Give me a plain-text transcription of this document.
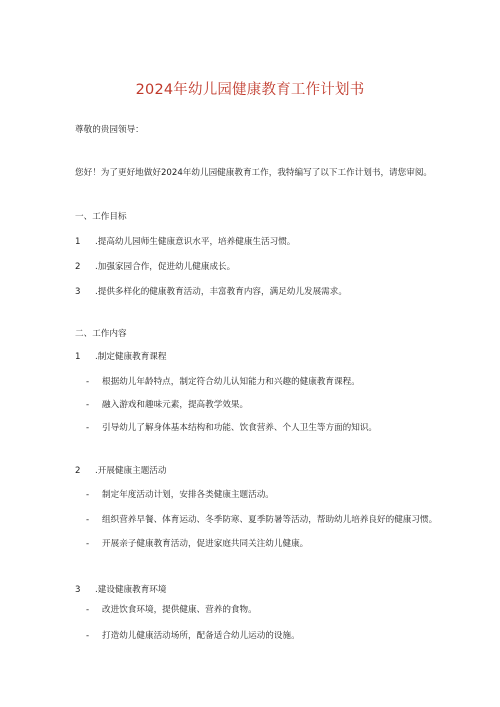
2024年幼儿园健康教育工作计划书
尊敬的贵园领导：
您好！为了更好地做好2024年幼儿园健康教育工作，我特编写了以下工作计划书，请您审阅。
一、工作目标
1 .提高幼儿园师生健康意识水平，培养健康生活习惯。
2 .加强家园合作，促进幼儿健康成长。
3 .提供多样化的健康教育活动，丰富教育内容，满足幼儿发展需求。
二、工作内容
1 .制定健康教育课程
- 根据幼儿年龄特点，制定符合幼儿认知能力和兴趣的健康教育课程。
- 融入游戏和趣味元素，提高教学效果。
- 引导幼儿了解身体基本结构和功能、饮食营养、个人卫生等方面的知识。
2 .开展健康主题活动
- 制定年度活动计划，安排各类健康主题活动。
- 组织营养早餐、体育运动、冬季防寒、夏季防暑等活动，帮助幼儿培养良好的健康习惯。
- 开展亲子健康教育活动，促进家庭共同关注幼儿健康。
3 .建设健康教育环境
- 改进饮食环境，提供健康、营养的食物。
- 打造幼儿健康活动场所，配备适合幼儿运动的设施。
